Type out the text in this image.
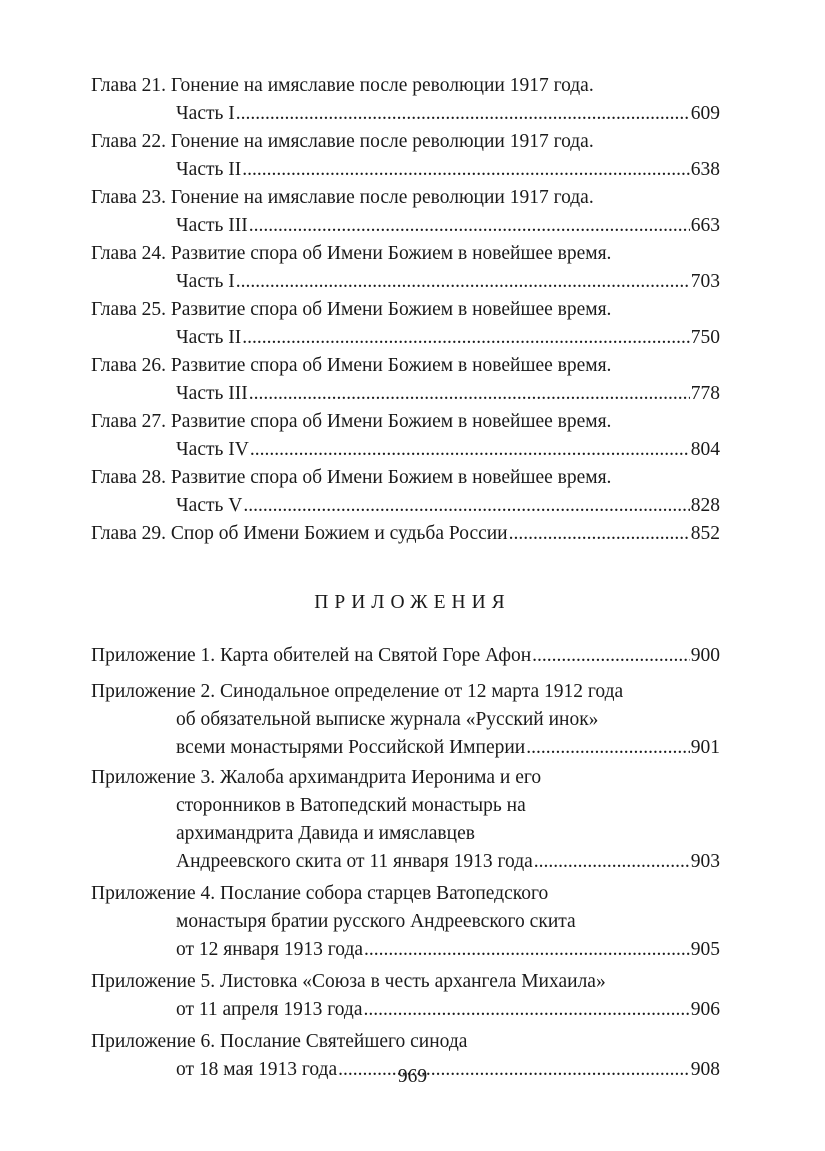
Глава 21. Гонение на имяславие после революции 1917 года.
Часть I .....	609
Глава 22. Гонение на имяславие после революции 1917 года.
Часть II .....	638
Глава 23. Гонение на имяславие после революции 1917 года.
Часть III .....	663
Глава 24. Развитие спора об Имени Божием в новейшее время.
Часть I .....	703
Глава 25. Развитие спора об Имени Божием в новейшее время.
Часть II .....	750
Глава 26. Развитие спора об Имени Божием в новейшее время.
Часть III .....	778
Глава 27. Развитие спора об Имени Божием в новейшее время.
Часть IV .....	804
Глава 28. Развитие спора об Имени Божием в новейшее время.
Часть V .....	828
Глава 29. Спор об Имени Божием и судьба России .....	852
ПРИЛОЖЕНИЯ
Приложение 1. Карта обителей на Святой Горе Афон .....	900
Приложение 2. Синодальное определение от 12 марта 1912 года
об обязательной выписке журнала «Русский инок»
всеми монастырями Российской Империи .....	901
Приложение 3. Жалоба архимандрита Иеронима и его
сторонников в Ватопедский монастырь на
архимандрита Давида и имяславцев
Андреевского скита от 11 января 1913 года .....	903
Приложение 4. Послание собора старцев Ватопедского
монастыря братии русского Андреевского скита
от 12 января 1913 года .....	905
Приложение 5. Листовка «Союза в честь архангела Михаила»
от 11 апреля 1913 года .....	906
Приложение 6. Послание Святейшего синода
от 18 мая 1913 года .....	908
969
